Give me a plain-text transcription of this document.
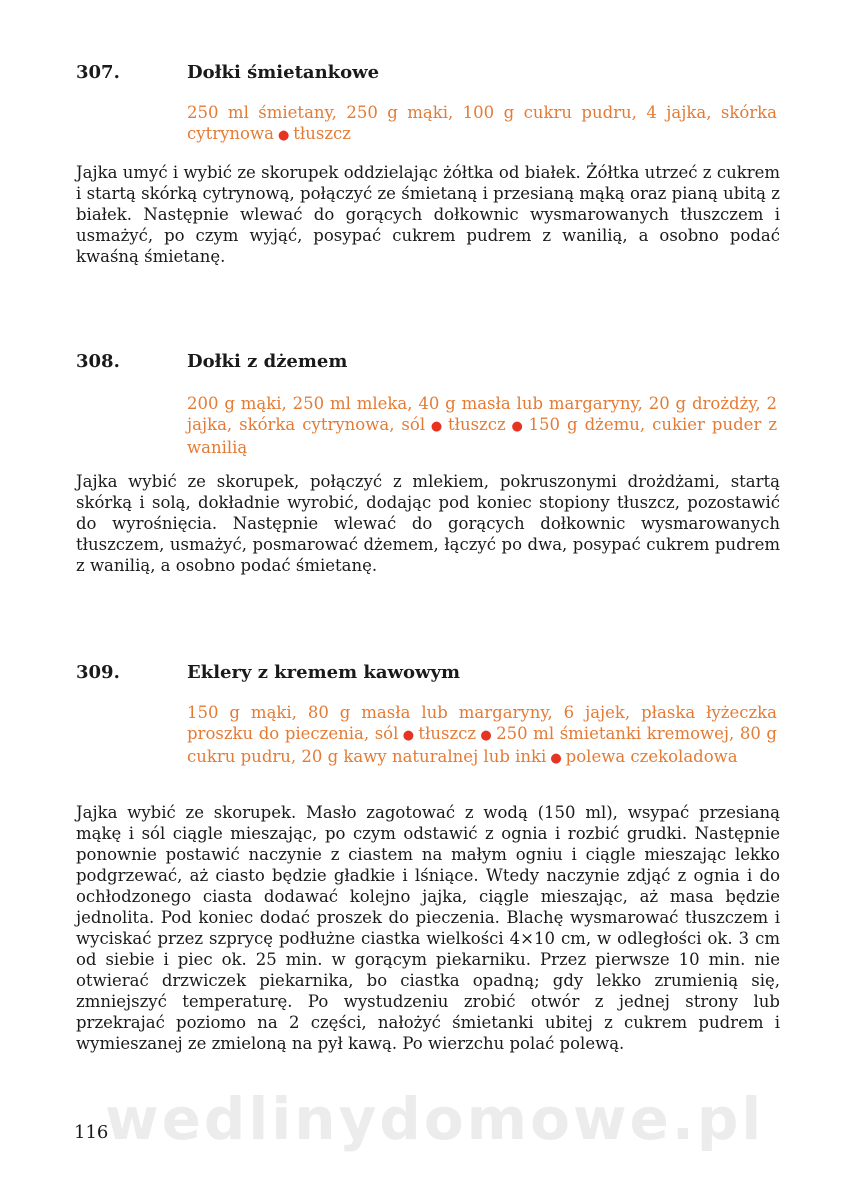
wedlinydomowe.pl
307.	Dołki śmietankowe
250 ml śmietany, 250 g mąki, 100 g cukru pudru, 4 jajka, skórka cytrynowa ● tłuszcz
Jajka umyć i wybić ze skorupek oddzielając żółtka od białek. Żółtka utrzeć z cukrem i startą skórką cytrynową, połączyć ze śmietaną i przesianą mąką oraz pianą ubitą z białek. Następnie wlewać do gorących dołkownic wysmarowanych tłuszczem i usmażyć, po czym wyjąć, posypać cukrem pudrem z wanilią, a osobno podać kwaśną śmietanę.
308.	Dołki z dżemem
200 g mąki, 250 ml mleka, 40 g masła lub margaryny, 20 g drożdży, 2 jajka, skórka cytrynowa, sól ● tłuszcz ● 150 g dżemu, cukier puder z wanilią
Jajka wybić ze skorupek, połączyć z mlekiem, pokruszonymi drożdżami, startą skórką i solą, dokładnie wyrobić, dodając pod koniec stopiony tłuszcz, pozostawić do wyrośnięcia. Następnie wlewać do gorących dołkownic wysmarowanych tłuszczem, usmażyć, posmarować dżemem, łączyć po dwa, posypać cukrem pudrem z wanilią, a osobno podać śmietanę.
309.	Eklery z kremem kawowym
150 g mąki, 80 g masła lub margaryny, 6 jajek, płaska łyżeczka proszku do pieczenia, sól ● tłuszcz ● 250 ml śmietanki kremowej, 80 g cukru pudru, 20 g kawy naturalnej lub inki ● polewa czekoladowa
Jajka wybić ze skorupek. Masło zagotować z wodą (150 ml), wsypać przesianą mąkę i sól ciągle mieszając, po czym odstawić z ognia i rozbić grudki. Następnie ponownie postawić naczynie z ciastem na małym ogniu i ciągle mieszając lekko podgrzewać, aż ciasto będzie gładkie i lśniące. Wtedy naczynie zdjąć z ognia i do ochłodzonego ciasta dodawać kolejno jajka, ciągle mieszając, aż masa będzie jednolita. Pod koniec dodać proszek do pieczenia. Blachę wysmarować tłuszczem i wyciskać przez szprycę podłużne ciastka wielkości 4×10 cm, w odległości ok. 3 cm od siebie i piec ok. 25 min. w gorącym piekarniku. Przez pierwsze 10 min. nie otwierać drzwiczek piekarnika, bo ciastka opadną; gdy lekko zrumienią się, zmniejszyć temperaturę. Po wystudzeniu zrobić otwór z jednej strony lub przekrajać poziomo na 2 części, nałożyć śmietanki ubitej z cukrem pudrem i wymieszanej ze zmieloną na pył kawą. Po wierzchu polać polewą.
116
